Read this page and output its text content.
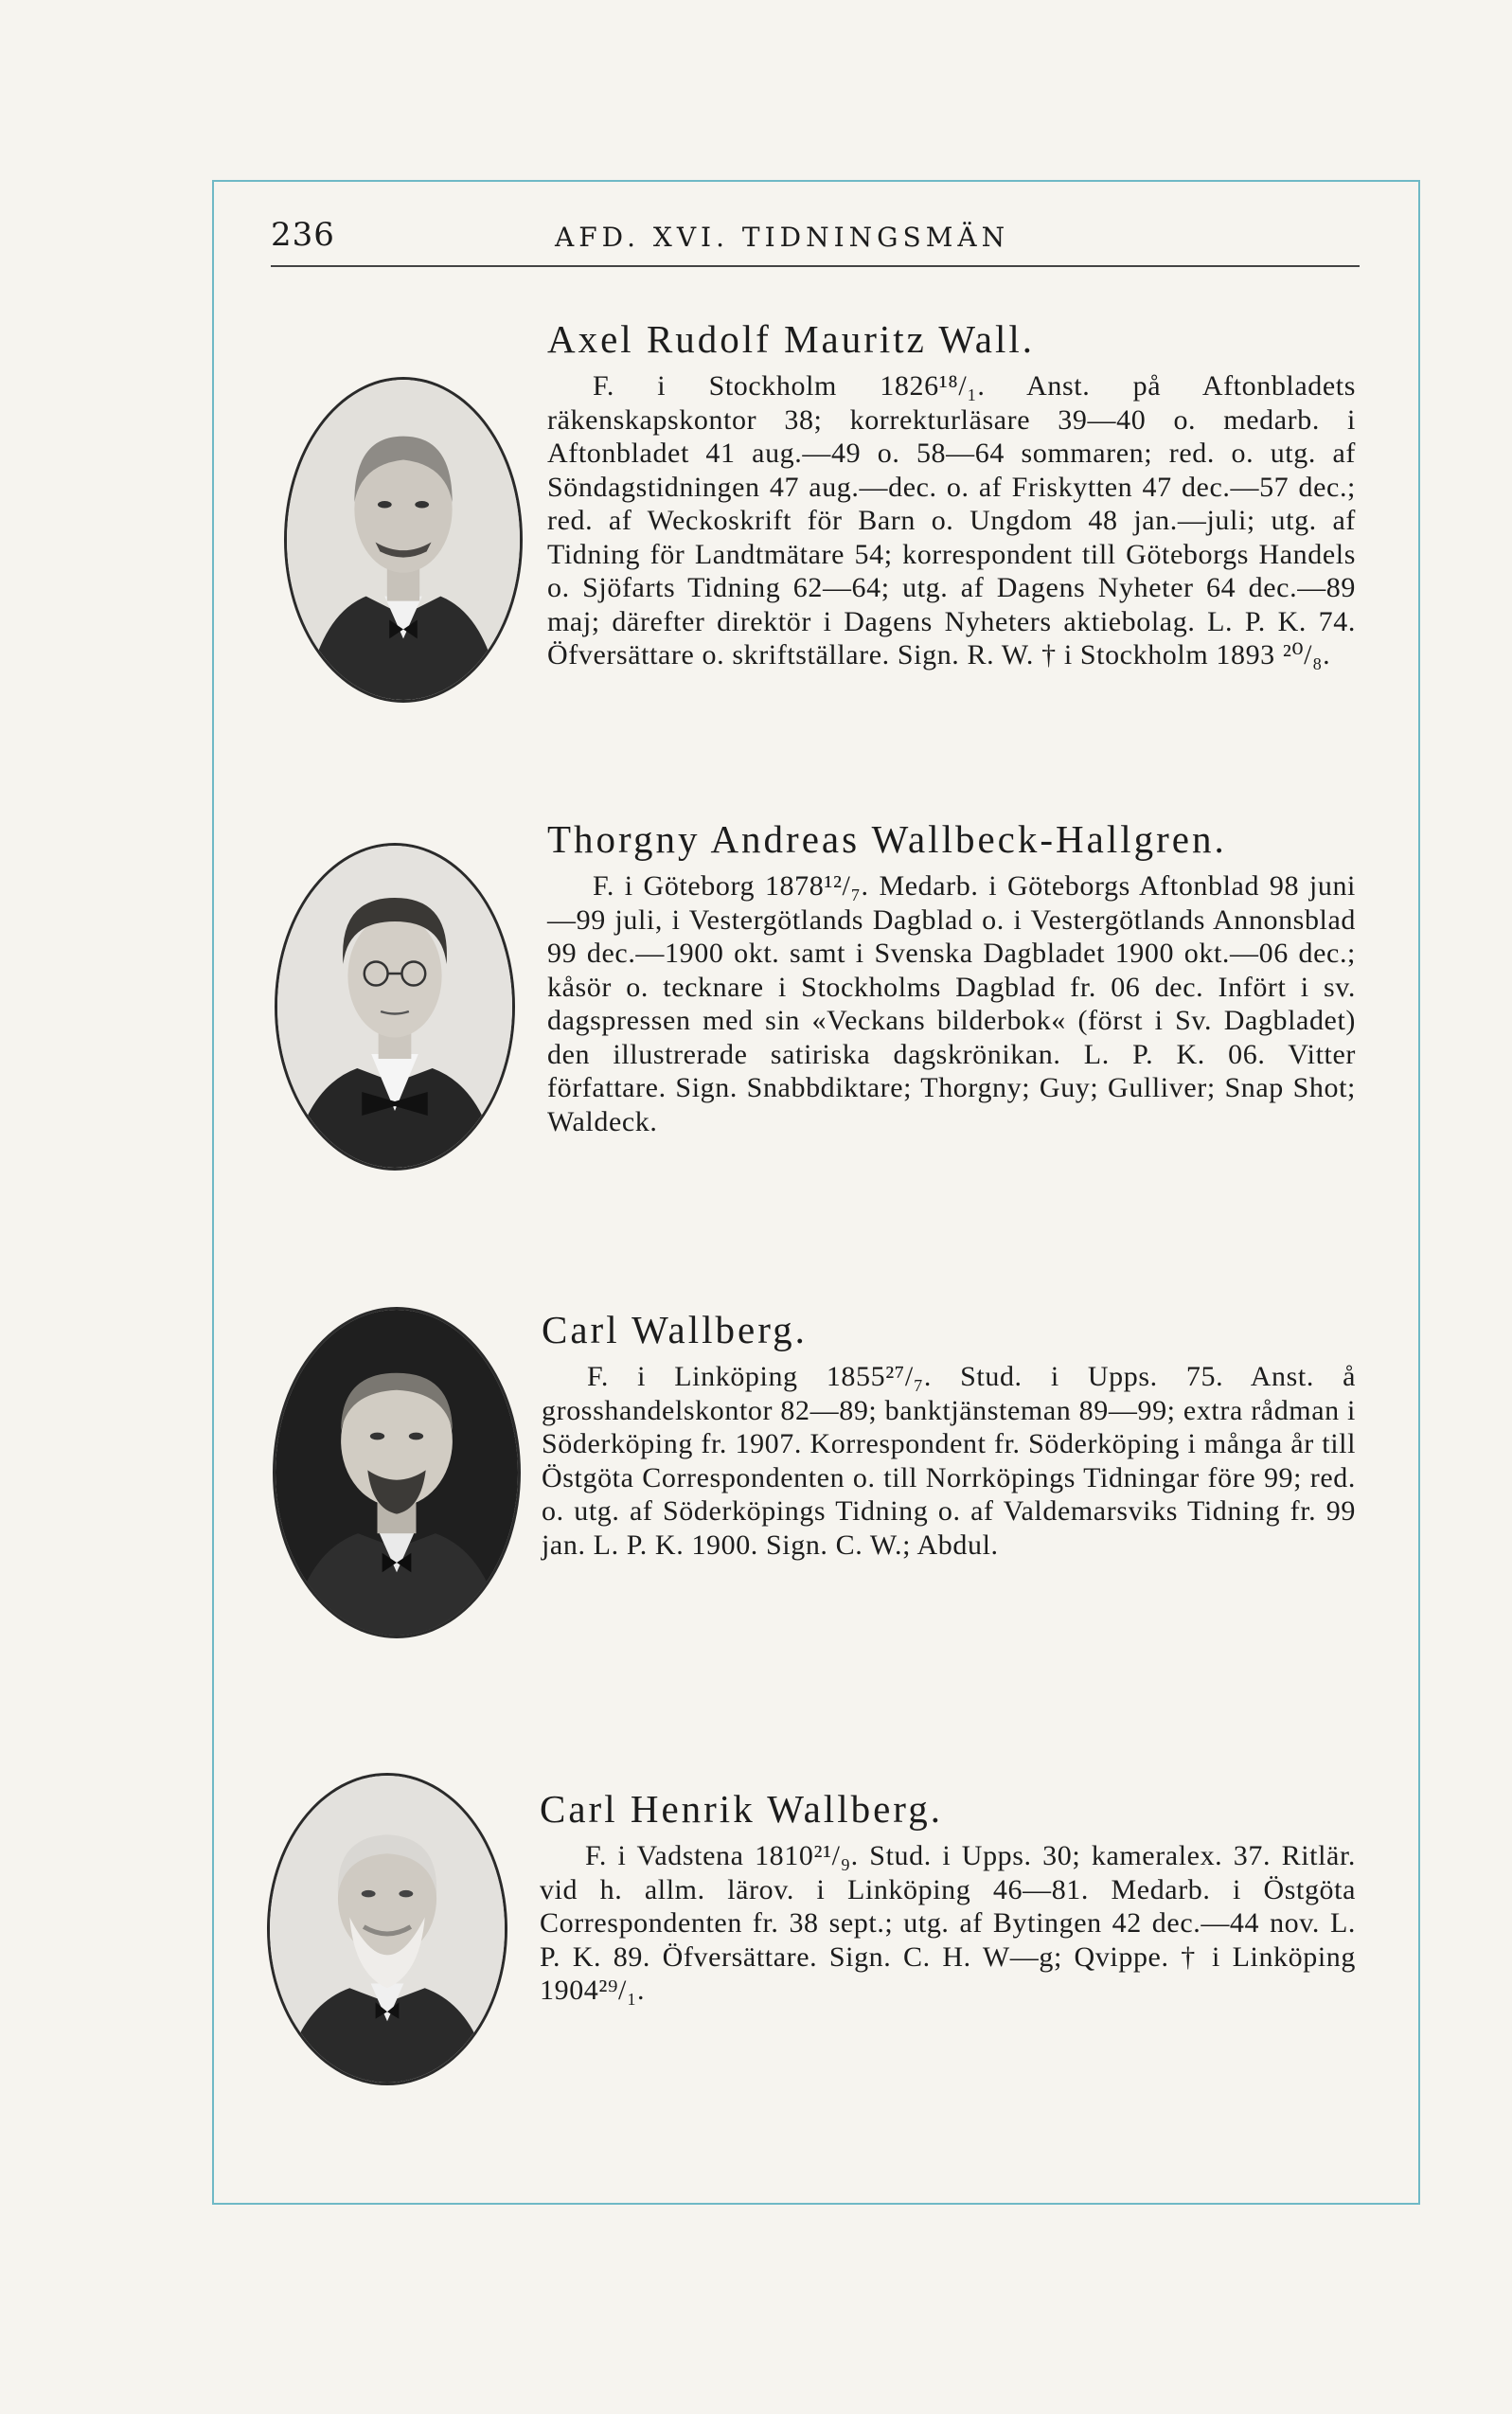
236	AFD. XVI. TIDNINGSMÄN
Axel Rudolf Mauritz Wall.
F. i Stockholm 1826¹⁸/₁. Anst. på Aftonbladets räkenskapskontor 38; korrekturläsare 39—40 o. medarb. i Aftonbladet 41 aug.—49 o. 58—64 sommaren; red. o. utg. af Söndagstidningen 47 aug.—dec. o. af Friskytten 47 dec.—57 dec.; red. af Weckoskrift för Barn o. Ungdom 48 jan.—juli; utg. af Tidning för Landtmätare 54; korrespondent till Göteborgs Handels o. Sjöfarts Tidning 62—64; utg. af Dagens Nyheter 64 dec.—89 maj; därefter direktör i Dagens Nyheters aktiebolag. L. P. K. 74. Öfversättare o. skriftställare. Sign. R. W. † i Stockholm 1893 ²⁰/₈.
Thorgny Andreas Wallbeck-Hallgren.
F. i Göteborg 1878¹²/₇. Medarb. i Göteborgs Aftonblad 98 juni—99 juli, i Vestergötlands Dagblad o. i Vestergötlands Annonsblad 99 dec.—1900 okt. samt i Svenska Dagbladet 1900 okt.—06 dec.; kåsör o. tecknare i Stockholms Dagblad fr. 06 dec. Infört i sv. dagspressen med sin «Veckans bilderbok« (först i Sv. Dagbladet) den illustrerade satiriska dagskrönikan. L. P. K. 06. Vitter författare. Sign. Snabbdiktare; Thorgny; Guy; Gulliver; Snap Shot; Waldeck.
Carl Wallberg.
F. i Linköping 1855²⁷/₇. Stud. i Upps. 75. Anst. å grosshandelskontor 82—89; banktjänsteman 89—99; extra rådman i Söderköping fr. 1907. Korrespondent fr. Söderköping i många år till Östgöta Correspondenten o. till Norrköpings Tidningar före 99; red. o. utg. af Söderköpings Tidning o. af Valdemarsviks Tidning fr. 99 jan. L. P. K. 1900. Sign. C. W.; Abdul.
Carl Henrik Wallberg.
F. i Vadstena 1810²¹/₉. Stud. i Upps. 30; kameralex. 37. Ritlär. vid h. allm. lärov. i Linköping 46—81. Medarb. i Östgöta Correspondenten fr. 38 sept.; utg. af Bytingen 42 dec.—44 nov. L. P. K. 89. Öfversättare. Sign. C. H. W—g; Qvippe. † i Linköping 1904²⁹/₁.
